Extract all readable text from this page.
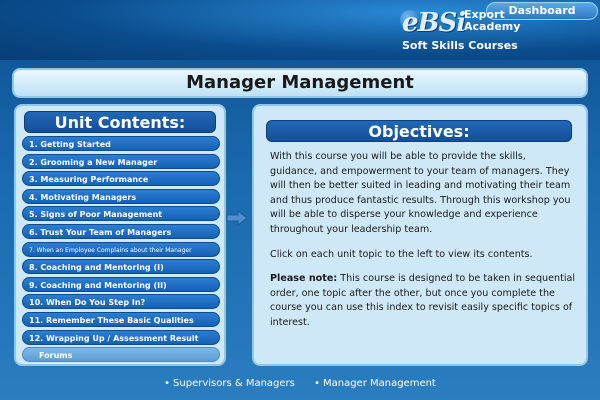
Dashboard
eBSi
Export
Academy
Soft Skills Courses
Manager Management
Unit Contents:
1. Getting Started
2. Grooming a New Manager
3. Measuring Performance
4. Motivating Managers
5. Signs of Poor Management
6. Trust Your Team of Managers
7. When an Employee Complains about their Manager
8. Coaching and Mentoring (I)
9. Coaching and Mentoring (II)
10. When Do You Step In?
11. Remember These Basic Qualities
12. Wrapping Up / Assessment Result
Forums
Objectives:

With this course you will be able to provide the skills, guidance, and empowerment to your team of managers. They will then be better suited in leading and motivating their team and thus produce fantastic results. Through this workshop you will be able to disperse your knowledge and experience throughout your leadership team.

Click on each unit topic to the left to view its contents.

Please note: This course is designed to be taken in sequential order, one topic after the other, but once you complete the course you can use this index to revisit easily specific topics of interest.

• Supervisors & Managers • Manager Management
